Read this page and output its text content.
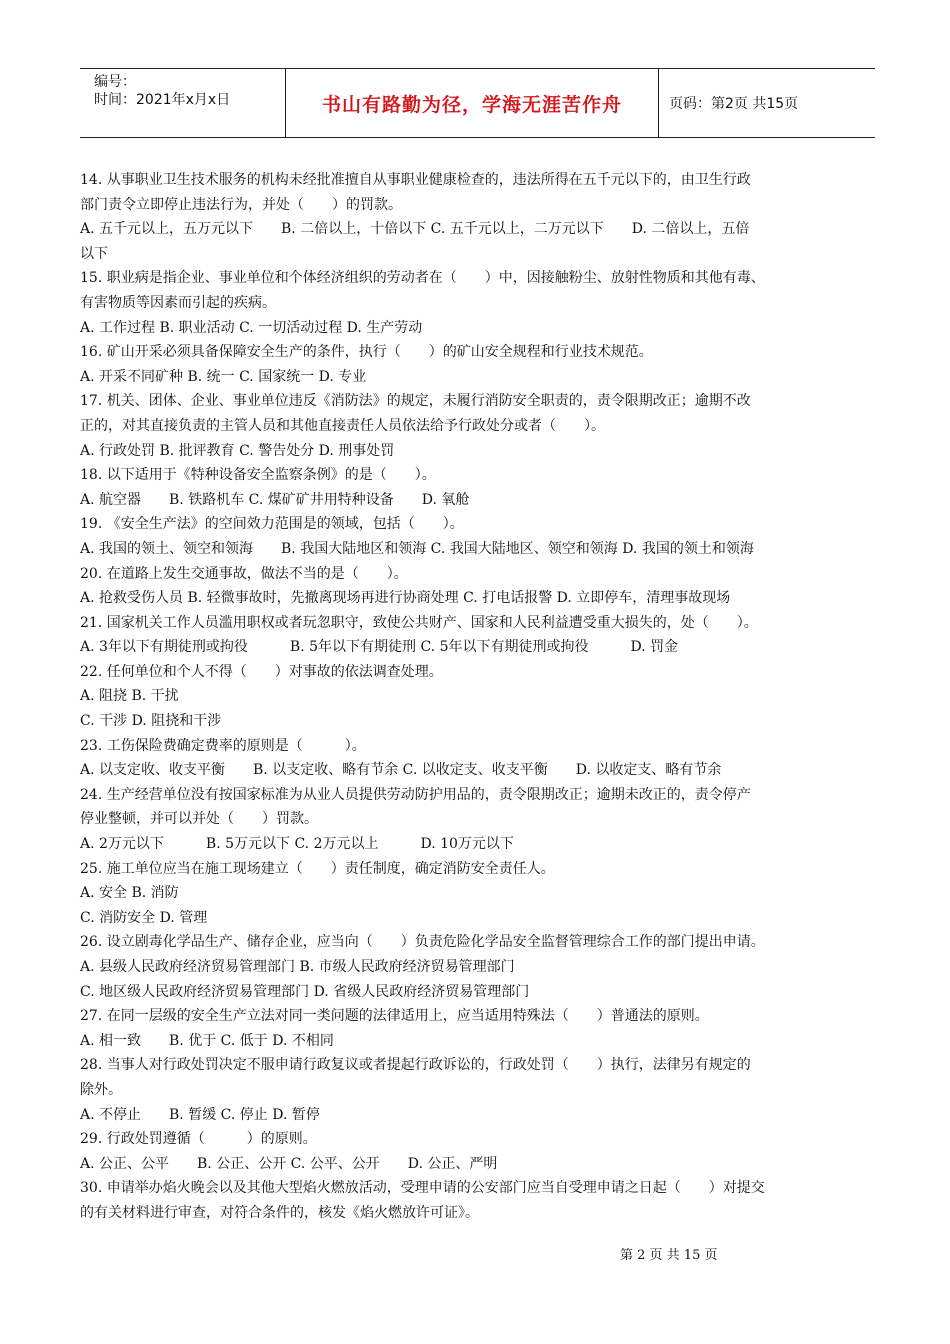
编号：
时间：2021年x月x日	书山有路勤为径，学海无涯苦作舟	页码：第2页 共15页
14. 从事职业卫生技术服务的机构未经批准擅自从事职业健康检查的，违法所得在五千元以下的，由卫生行政
部门责令立即停止违法行为，并处（　　）的罚款。
A. 五千元以上，五万元以下　　B. 二倍以上，十倍以下 C. 五千元以上，二万元以下　　D. 二倍以上，五倍
以下
15. 职业病是指企业、事业单位和个体经济组织的劳动者在（　　）中，因接触粉尘、放射性物质和其他有毒、
有害物质等因素而引起的疾病。
A. 工作过程 B. 职业活动 C. 一切活动过程 D. 生产劳动
16. 矿山开采必须具备保障安全生产的条件，执行（　　）的矿山安全规程和行业技术规范。
A. 开采不同矿种 B. 统一 C. 国家统一 D. 专业
17. 机关、团体、企业、事业单位违反《消防法》的规定，未履行消防安全职责的，责令限期改正；逾期不改
正的，对其直接负责的主管人员和其他直接责任人员依法给予行政处分或者（　　）。
A. 行政处罚 B. 批评教育 C. 警告处分 D. 刑事处罚
18. 以下适用于《特种设备安全监察条例》的是（　　）。
A. 航空器　　B. 铁路机车 C. 煤矿矿井用特种设备　　D. 氧舱
19. 《安全生产法》的空间效力范围是的领域，包括（　　）。
A. 我国的领土、领空和领海　　B. 我国大陆地区和领海 C. 我国大陆地区、领空和领海 D. 我国的领土和领海
20. 在道路上发生交通事故，做法不当的是（　　）。
A. 抢救受伤人员 B. 轻微事故时，先撤离现场再进行协商处理 C. 打电话报警 D. 立即停车，清理事故现场
21. 国家机关工作人员滥用职权或者玩忽职守，致使公共财产、国家和人民利益遭受重大损失的，处（　　）。
A. 3年以下有期徒刑或拘役　　　B. 5年以下有期徒刑 C. 5年以下有期徒刑或拘役　　　D. 罚金
22. 任何单位和个人不得（　　）对事故的依法调查处理。
A. 阻挠 B. 干扰
C. 干涉 D. 阻挠和干涉
23. 工伤保险费确定费率的原则是（　　　）。
A. 以支定收、收支平衡　　B. 以支定收、略有节余 C. 以收定支、收支平衡　　D. 以收定支、略有节余
24. 生产经营单位没有按国家标准为从业人员提供劳动防护用品的，责令限期改正；逾期未改正的，责令停产
停业整顿，并可以并处（　　）罚款。
A. 2万元以下　　　B. 5万元以下 C. 2万元以上　　　D. 10万元以下
25. 施工单位应当在施工现场建立（　　）责任制度，确定消防安全责任人。
A. 安全 B. 消防
C. 消防安全 D. 管理
26. 设立剧毒化学品生产、储存企业，应当向（　　）负责危险化学品安全监督管理综合工作的部门提出申请。
A. 县级人民政府经济贸易管理部门 B. 市级人民政府经济贸易管理部门
C. 地区级人民政府经济贸易管理部门 D. 省级人民政府经济贸易管理部门
27. 在同一层级的安全生产立法对同一类问题的法律适用上，应当适用特殊法（　　）普通法的原则。
A. 相一致　　B. 优于 C. 低于 D. 不相同
28. 当事人对行政处罚决定不服申请行政复议或者提起行政诉讼的，行政处罚（　　）执行，法律另有规定的
除外。
A. 不停止　　B. 暂缓 C. 停止 D. 暂停
29. 行政处罚遵循（　　　）的原则。
A. 公正、公平　　B. 公正、公开 C. 公平、公开　　D. 公正、严明
30. 申请举办焰火晚会以及其他大型焰火燃放活动，受理申请的公安部门应当自受理申请之日起（　　）对提交
的有关材料进行审查，对符合条件的，核发《焰火燃放许可证》。
第 2 页 共 15 页
